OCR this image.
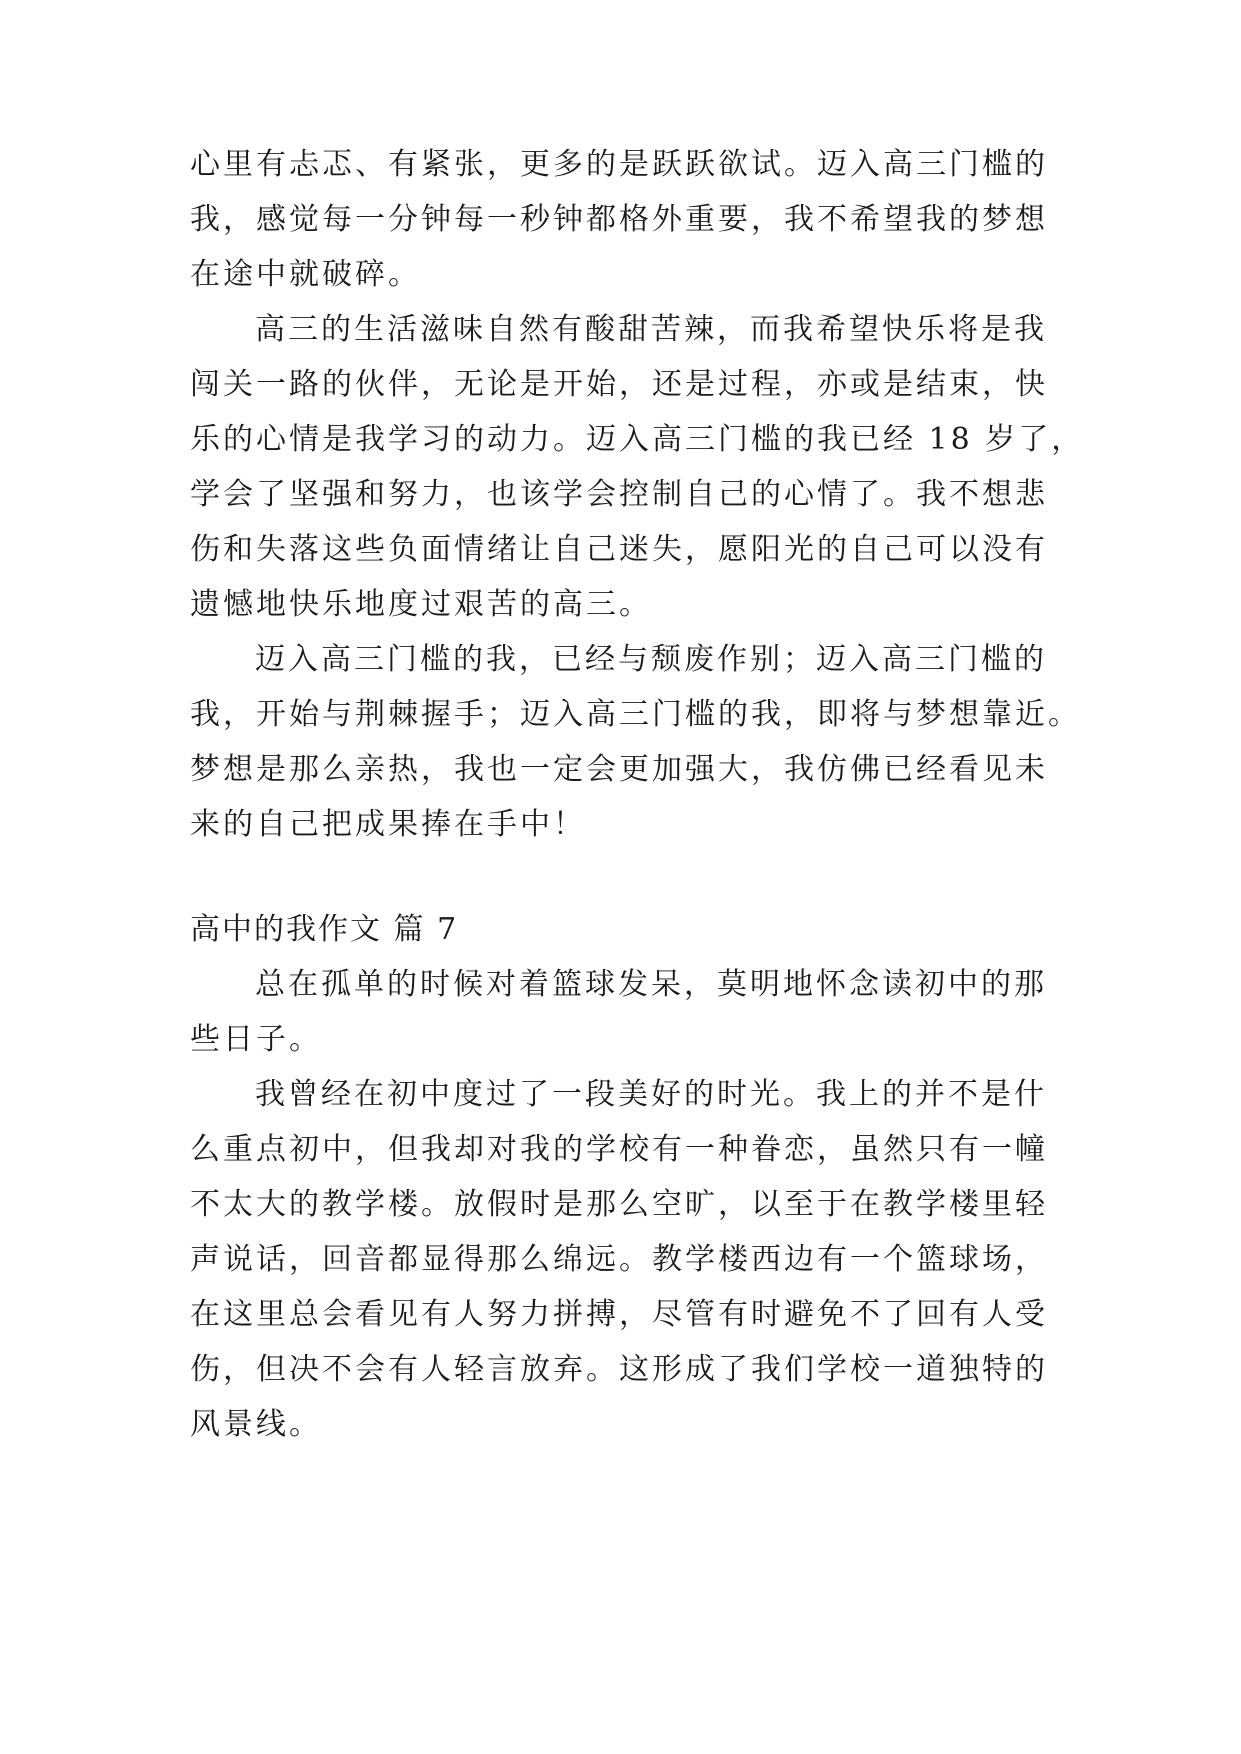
心里有忐忑、有紧张，更多的是跃跃欲试。迈入高三门槛的
我，感觉每一分钟每一秒钟都格外重要，我不希望我的梦想
在途中就破碎。
高三的生活滋味自然有酸甜苦辣，而我希望快乐将是我
闯关一路的伙伴，无论是开始，还是过程，亦或是结束，快
乐的心情是我学习的动力。迈入高三门槛的我已经 18 岁了，
学会了坚强和努力，也该学会控制自己的心情了。我不想悲
伤和失落这些负面情绪让自己迷失，愿阳光的自己可以没有
遗憾地快乐地度过艰苦的高三。
迈入高三门槛的我，已经与颓废作别；迈入高三门槛的
我，开始与荆棘握手；迈入高三门槛的我，即将与梦想靠近。
梦想是那么亲热，我也一定会更加强大，我仿佛已经看见未
来的自己把成果捧在手中！
高中的我作文 篇 7
总在孤单的时候对着篮球发呆，莫明地怀念读初中的那
些日子。
我曾经在初中度过了一段美好的时光。我上的并不是什
么重点初中，但我却对我的学校有一种眷恋，虽然只有一幢
不太大的教学楼。放假时是那么空旷，以至于在教学楼里轻
声说话，回音都显得那么绵远。教学楼西边有一个篮球场，
在这里总会看见有人努力拼搏，尽管有时避免不了回有人受
伤，但决不会有人轻言放弃。这形成了我们学校一道独特的
风景线。
